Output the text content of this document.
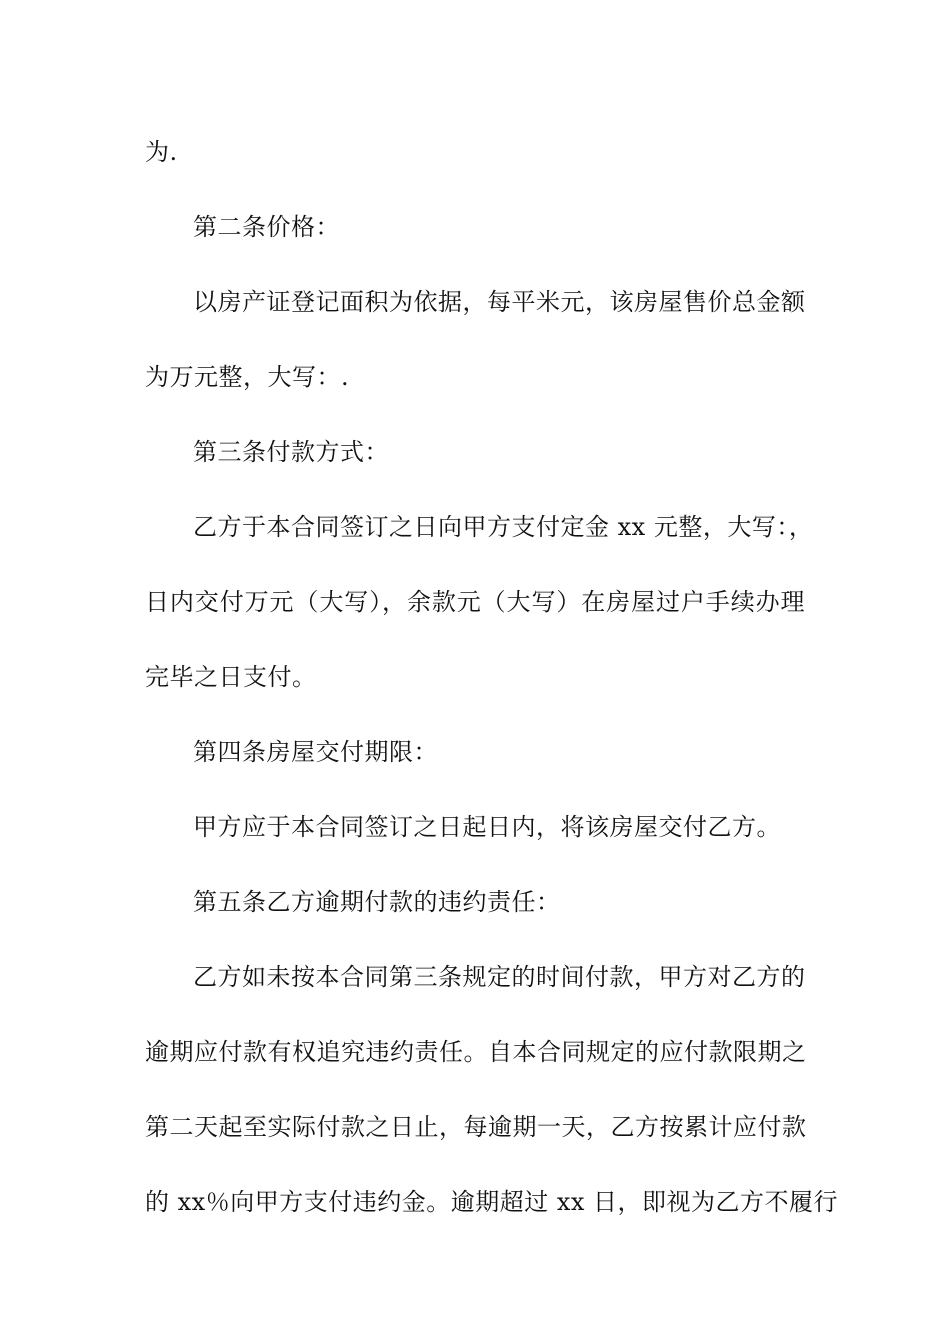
为.
第二条价格：
以房产证登记面积为依据，每平米元，该房屋售价总金额
为万元整，大写：.
第三条付款方式：
乙方于本合同签订之日向甲方支付定金 xx 元整，大写：，
日内交付万元（大写），余款元（大写）在房屋过户手续办理
完毕之日支付。
第四条房屋交付期限：
甲方应于本合同签订之日起日内，将该房屋交付乙方。
第五条乙方逾期付款的违约责任：
乙方如未按本合同第三条规定的时间付款，甲方对乙方的
逾期应付款有权追究违约责任。自本合同规定的应付款限期之
第二天起至实际付款之日止，每逾期一天，乙方按累计应付款
的 xx％向甲方支付违约金。逾期超过 xx 日，即视为乙方不履行
